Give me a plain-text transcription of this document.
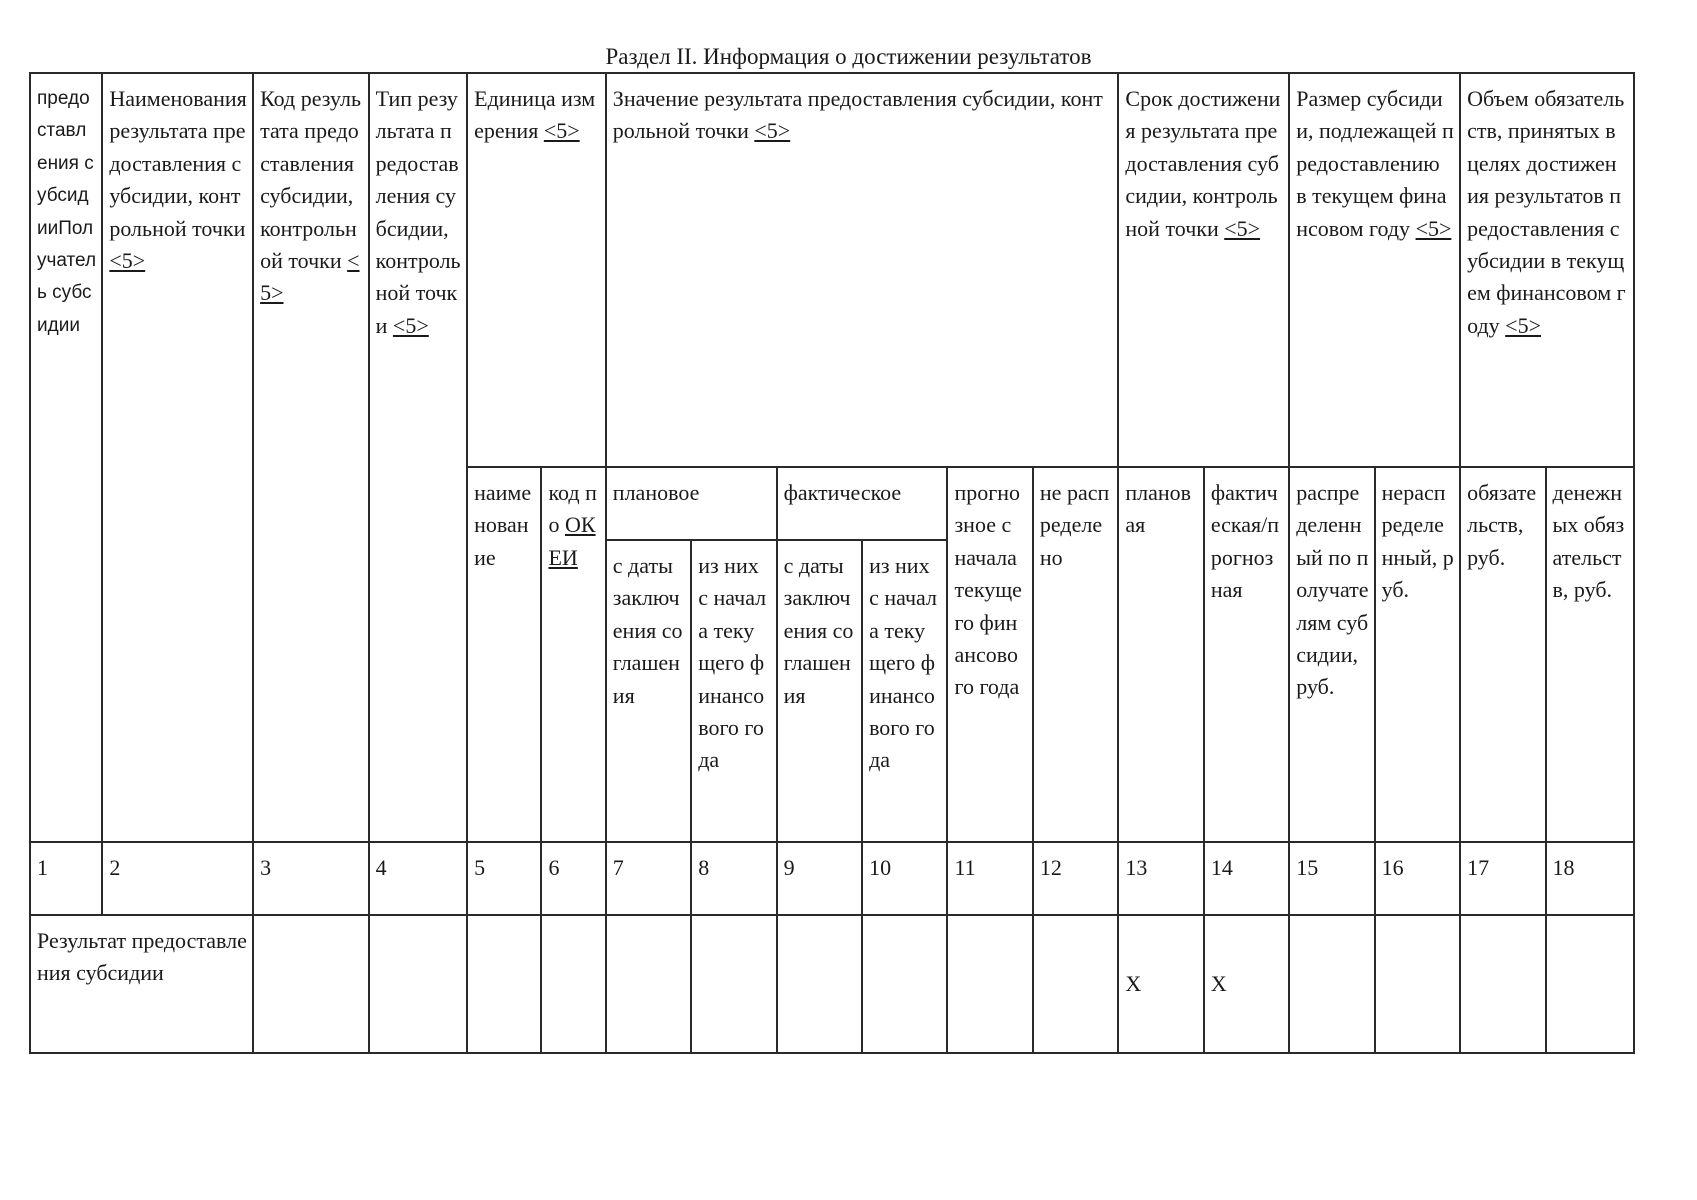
Раздел II. Информация о достижении результатов
предоставления субсидииПолучатель субсидии	Наименования результата предоставления субсидии, контрольной точки <5>	Код результата предоставления субсидии, контрольной точки <5>	Тип результата предоставления субсидии, контрольной точки <5>	Единица измерения <5>		Значение результата предоставления субсидии, контрольной точки <5>						Срок достижения результата предоставления субсидии, контрольной точки <5>		Размер субсидии, подлежащей предоставлению в текущем финансовом году <5>		Объем обязательств, принятых в целях достижения результатов предоставления субсидии в текущем финансовом году <5>	
				наименование	код по ОКЕИ	плановое		фактическое		прогнозное с начала текущего финансового года	не распределено	плановая	фактическая/прогнозная	распределенный по получателям субсидии, руб.	нераспределенный, руб.	обязательств, руб.	денежных обязательств, руб.
						с даты заключения соглашения	из них с начала текущего финансового года	с даты заключения соглашения	из них с начала текущего финансового года								
1	2	3	4	5	6	7	8	9	10	11	12	13	14	15	16	17	18
Результат предоставления субсидии												X	X				
